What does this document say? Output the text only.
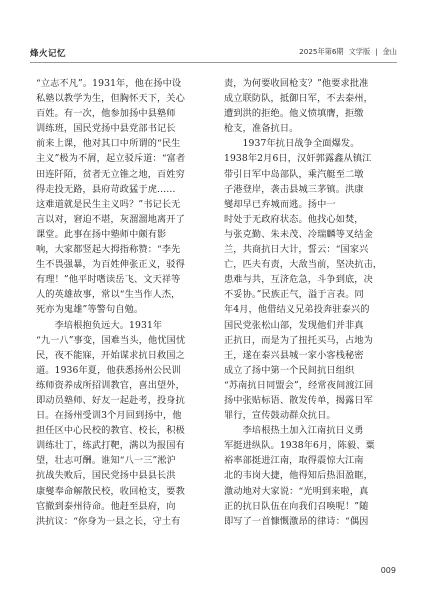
烽火记忆	2025年第6期 文学版 | 金山
“立志不凡”。1931年，他在扬中设
私塾以教学为生，但胸怀天下，关心
百姓。有一次，他参加扬中县塾师
训练班，国民党扬中县党部书记长
前来上课，他对其口中所谓的“民生
主义”极为不屑，起立驳斥道：“富者
田连阡陌，贫者无立锥之地，百姓穷
得走投无路，县府苛政猛于虎……
这难道就是民生主义吗？”书记长无
言以对，窘迫不堪，灰溜溜地离开了
课堂。此事在扬中塾师中颇有影
响，大家都竖起大拇指称赞：“李先
生不畏强暴，为百姓伸张正义，驳得
有理！”他平时嗜读岳飞、文天祥等
人的英雄故事，常以“生当作人杰，
死亦为鬼雄”等警句自勉。
李培根抱负远大。1931年
“九一八”事变，国难当头，他忧国忧
民，夜不能寐，开始谋求抗日救国之
道。1936年夏，他获悉扬州公民训
练师资养成所招训教官，喜出望外，
即动员塾师、好友一起赴考，投身抗
日。在扬州受训3个月回到扬中，他
担任区中心民校的教官、校长，积极
训练壮丁，练武打靶，满以为报国有
望，壮志可酬。谁知“八一三”淞沪
抗战失败后，国民党扬中县县长洪
康燮奉命解散民校，收回枪支，要教
官撤到泰州待命。他赶至县府，向
洪抗议：“你身为一县之长，守土有
责，为何要收回枪支？”他要求批准
成立联防队，抵御日军，不去泰州，
遭到洪的拒绝。他义愤填膺，拒缴
枪支，准备抗日。
1937年抗日战争全面爆发。
1938年2月6日，汉奸郭露鑫从镇江
带引日军中岛部队，乘汽艇至二墩
子港登岸，袭击县城三茅镇。洪康
燮却早已弃城而逃。扬中一
时处于无政府状态。他找心如焚，
与张克勤、朱未茂、冷瑞麟等叉结金
兰，共商抗日大计，誓云：“国家兴
亡，匹夫有责，大敌当前，坚决抗击，
患难与共，互济危急，斗争到底，决
不妥协。”民族正气，溢于言表。同
年4月，他借结义兄弟投奔驻泰兴的
国民党张松山部，发现他们并非真
正抗日，而是为了扭托买马，占地为
王，遂在泰兴县城一家小客栈秘密
成立了扬中第一个民间抗日组织
“苏南抗日同盟会”，经常夜间渡江回
扬中张贴标语、散发传单，揭露日军
罪行，宣传鼓动群众抗日。
李培根热土加入江南抗日义勇
军挺进纵队。1938年6月，陈毅、粟
裕率部挺进江南，取得震惊大江南
北的韦岗大捷，他得知后热泪盈眶，
激动地对大家说：“光明到来啦，真
正的抗日队伍在向我们召唤呢！”随
即写了一首慷慨激昂的律诗：“偶因
009
